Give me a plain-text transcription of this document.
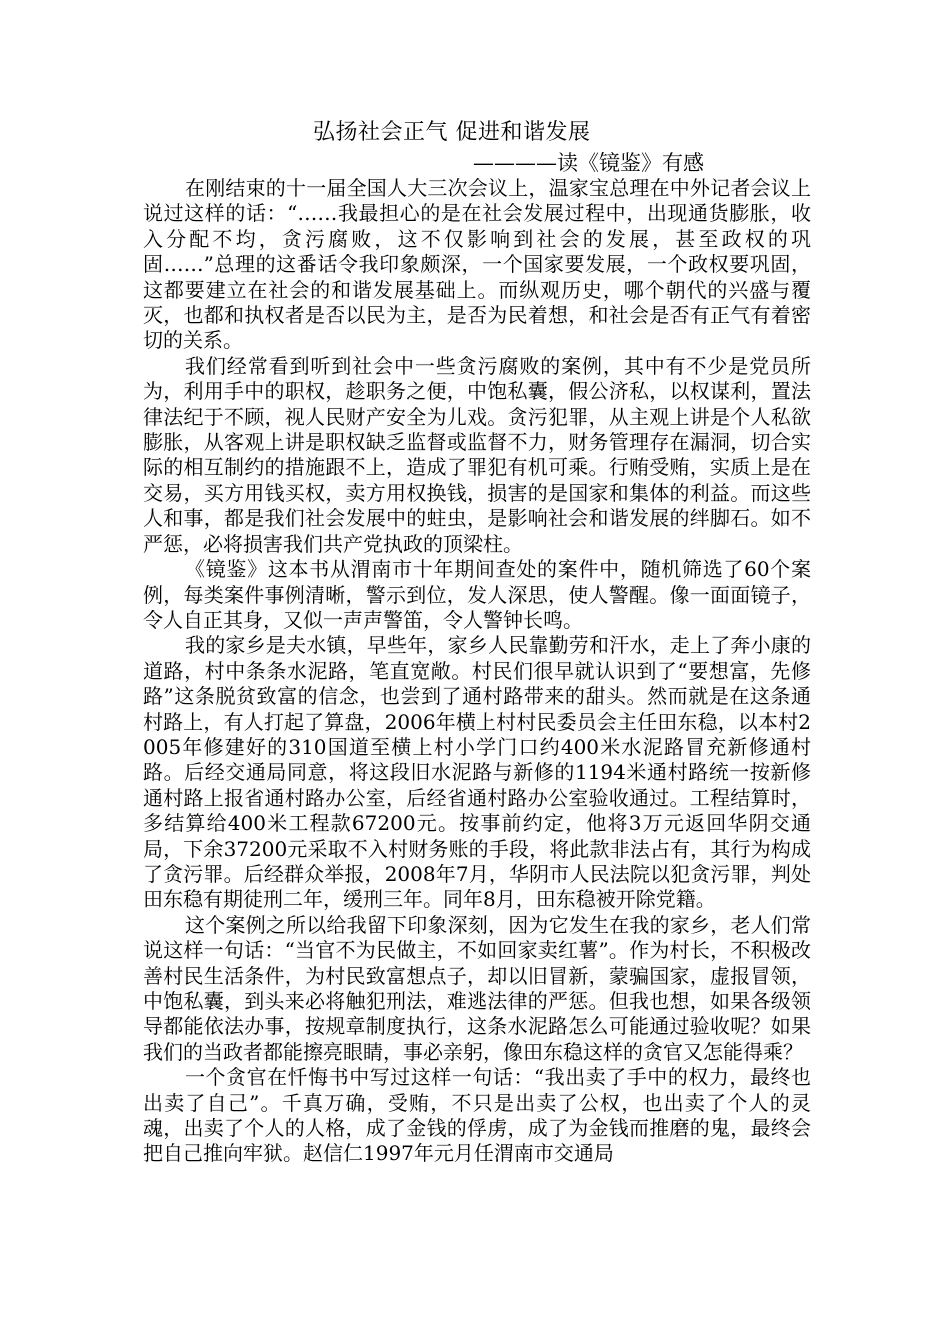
弘扬社会正气 促进和谐发展

————读《镜鉴》有感

在刚结束的十一届全国人大三次会议上，温家宝总理在中外记者会议上说过这样的话：“……我最担心的是在社会发展过程中，出现通货膨胀，收入分配不均，贪污腐败，这不仅影响到社会的发展，甚至政权的巩固……”总理的这番话令我印象颇深，一个国家要发展，一个政权要巩固，这都要建立在社会的和谐发展基础上。而纵观历史，哪个朝代的兴盛与覆灭，也都和执权者是否以民为主，是否为民着想，和社会是否有正气有着密切的关系。

我们经常看到听到社会中一些贪污腐败的案例，其中有不少是党员所为，利用手中的职权，趁职务之便，中饱私囊，假公济私，以权谋利，置法律法纪于不顾，视人民财产安全为儿戏。贪污犯罪，从主观上讲是个人私欲膨胀，从客观上讲是职权缺乏监督或监督不力，财务管理存在漏洞，切合实际的相互制约的措施跟不上，造成了罪犯有机可乘。行贿受贿，实质上是在交易，买方用钱买权，卖方用权换钱，损害的是国家和集体的利益。而这些人和事，都是我们社会发展中的蛀虫，是影响社会和谐发展的绊脚石。如不严惩，必将损害我们共产党执政的顶梁柱。

《镜鉴》这本书从渭南市十年期间查处的案件中，随机筛选了60个案例，每类案件事例清晰，警示到位，发人深思，使人警醒。像一面面镜子，令人自正其身，又似一声声警笛，令人警钟长鸣。

我的家乡是夫水镇，早些年，家乡人民靠勤劳和汗水，走上了奔小康的道路，村中条条水泥路，笔直宽敞。村民们很早就认识到了“要想富，先修路”这条脱贫致富的信念，也尝到了通村路带来的甜头。然而就是在这条通村路上，有人打起了算盘，2006年横上村村民委员会主任田东稳，以本村2005年修建好的310国道至横上村小学门口约400米水泥路冒充新修通村路。后经交通局同意，将这段旧水泥路与新修的1194米通村路统一按新修通村路上报省通村路办公室，后经省通村路办公室验收通过。工程结算时，多结算给400米工程款67200元。按事前约定，他将3万元返回华阴交通局，下余37200元采取不入村财务账的手段，将此款非法占有，其行为构成了贪污罪。后经群众举报，2008年7月，华阴市人民法院以犯贪污罪，判处田东稳有期徒刑二年，缓刑三年。同年8月，田东稳被开除党籍。

这个案例之所以给我留下印象深刻，因为它发生在我的家乡，老人们常说这样一句话：“当官不为民做主，不如回家卖红薯”。作为村长，不积极改善村民生活条件，为村民致富想点子，却以旧冒新，蒙骗国家，虚报冒领，中饱私囊，到头来必将触犯刑法，难逃法律的严惩。但我也想，如果各级领导都能依法办事，按规章制度执行，这条水泥路怎么可能通过验收呢？如果我们的当政者都能擦亮眼睛，事必亲躬，像田东稳这样的贪官又怎能得乘？

一个贪官在忏悔书中写过这样一句话：“我出卖了手中的权力，最终也出卖了自己”。千真万确，受贿，不只是出卖了公权，也出卖了个人的灵魂，出卖了个人的人格，成了金钱的俘虏，成了为金钱而推磨的鬼，最终会把自己推向牢狱。赵信仁1997年元月任渭南市交通局
